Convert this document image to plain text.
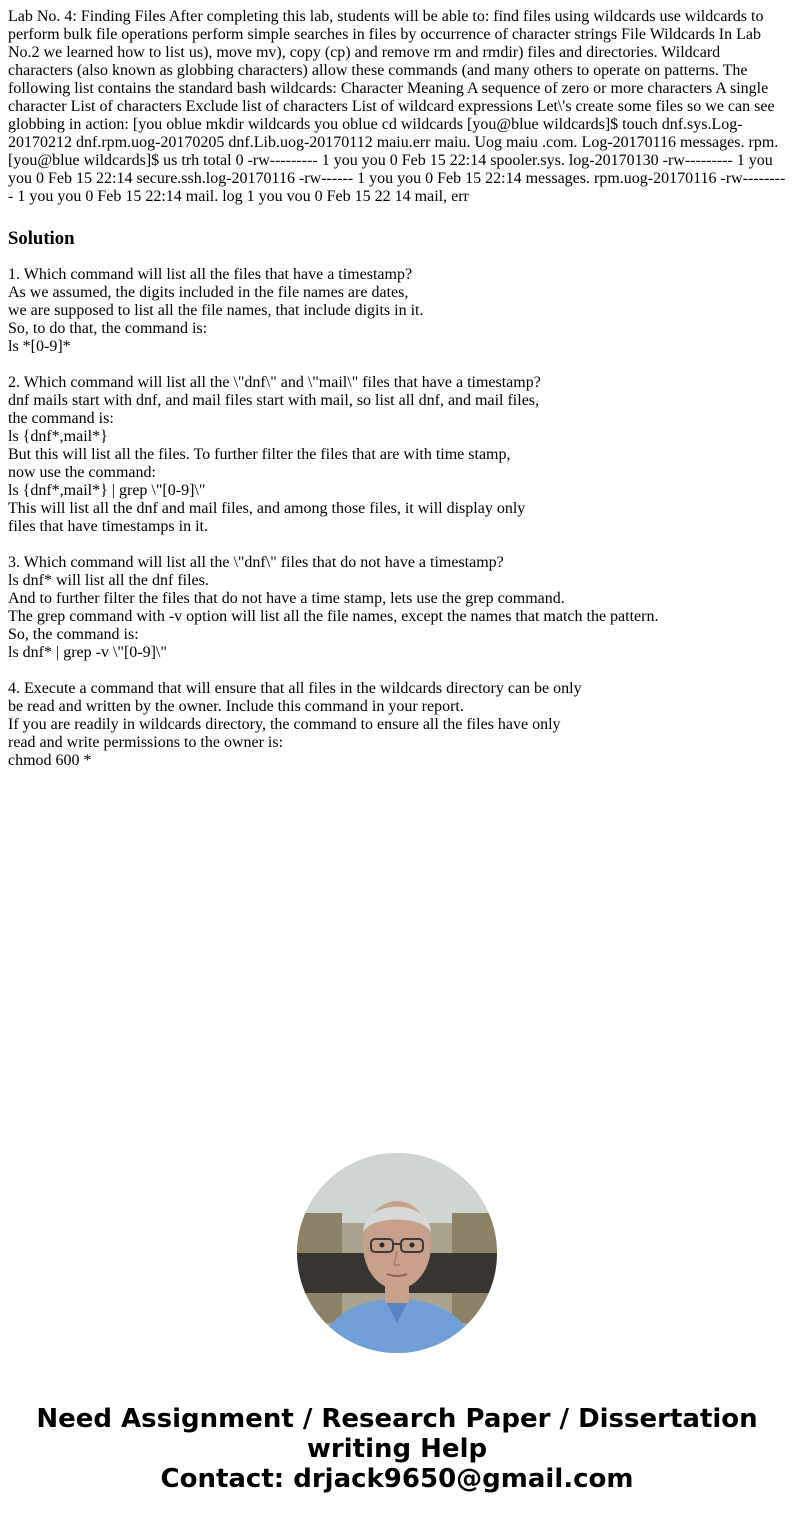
Lab No. 4: Finding Files After completing this lab, students will be able to: find files using wildcards use wildcards to perform bulk file operations perform simple searches in files by occurrence of character strings File Wildcards In Lab No.2 we learned how to list us), move mv), copy (cp) and remove rm and rmdir) files and directories. Wildcard characters (also known as globbing characters) allow these commands (and many others to operate on patterns. The following list contains the standard bash wildcards: Character Meaning A sequence of zero or more characters A single character List of characters Exclude list of characters List of wildcard expressions Let\'s create some files so we can see globbing in action: [you oblue mkdir wildcards you oblue cd wildcards [you@blue wildcards]$ touch dnf.sys.Log-20170212 dnf.rpm.uog-20170205 dnf.Lib.uog-20170112 maiu.err maiu. Uog maiu .com. Log-20170116 messages. rpm. [you@blue wildcards]$ us trh total 0 -rw--------- 1 you you 0 Feb 15 22:14 spooler.sys. log-20170130 -rw--------- 1 you you 0 Feb 15 22:14 secure.ssh.log-20170116 -rw------ 1 you you 0 Feb 15 22:14 messages. rpm.uog-20170116 -rw--------- 1 you you 0 Feb 15 22:14 mail. log 1 you vou 0 Feb 15 22 14 mail, err

Solution
1. Which command will list all the files that have a timestamp?
As we assumed, the digits included in the file names are dates,
we are supposed to list all the file names, that include digits in it.
So, to do that, the command is:
ls *[0-9]*
2. Which command will list all the \"dnf\" and \"mail\" files that have a timestamp?
dnf mails start with dnf, and mail files start with mail, so list all dnf, and mail files,
the command is:
ls {dnf*,mail*}
But this will list all the files. To further filter the files that are with time stamp,
now use the command:
ls {dnf*,mail*} | grep \"[0-9]\"
This will list all the dnf and mail files, and among those files, it will display only
files that have timestamps in it.
3. Which command will list all the \"dnf\" files that do not have a timestamp?
ls dnf* will list all the dnf files.
And to further filter the files that do not have a time stamp, lets use the grep command.
The grep command with -v option will list all the file names, except the names that match the pattern.
So, the command is:
ls dnf* | grep -v \"[0-9]\"
4. Execute a command that will ensure that all files in the wildcards directory can be only
be read and written by the owner. Include this command in your report.
If you are readily in wildcards directory, the command to ensure all the files have only
read and write permissions to the owner is:
chmod 600 *
Need Assignment / Research Paper / Dissertation
writing Help
Contact: drjack9650@gmail.com
